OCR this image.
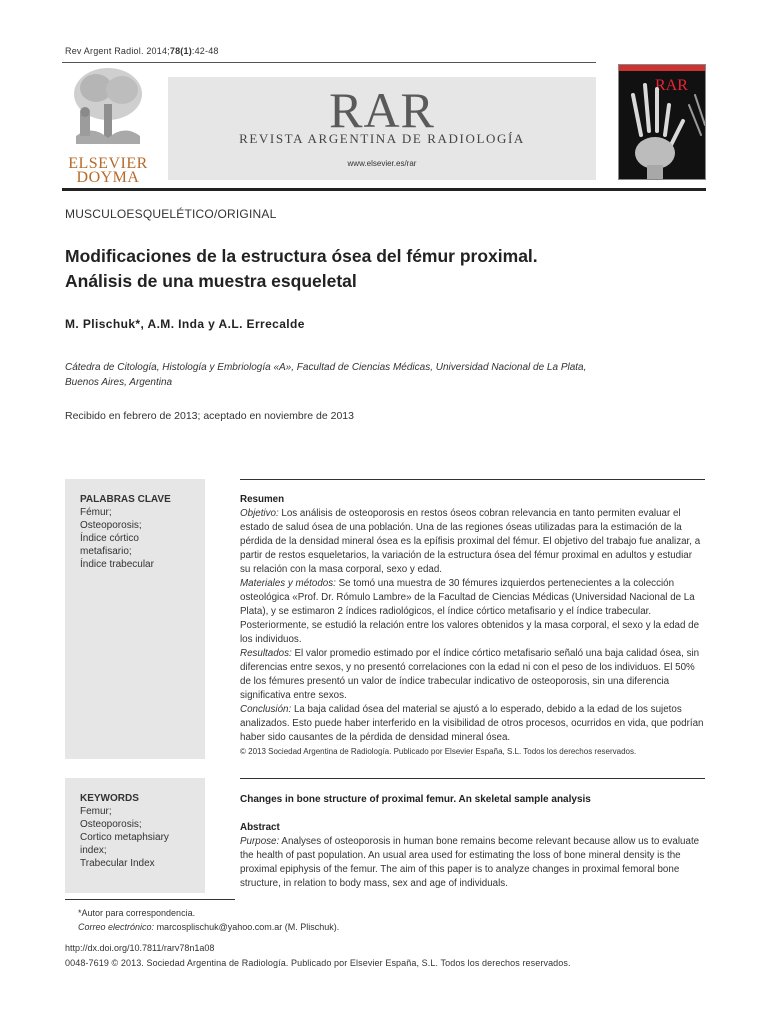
Rev Argent Radiol. 2014;78(1):42-48
ELSEVIER
DOYMA
RAR
REVISTA ARGENTINA DE RADIOLOGÍA
www.elsevier.es/rar
RAR
MUSCULOESQUELÉTICO/ORIGINAL
Modificaciones de la estructura ósea del fémur proximal.
Análisis de una muestra esqueletal
M. Plischuk*, A.M. Inda y A.L. Errecalde
Cátedra de Citología, Histología y Embriología «A», Facultad de Ciencias Médicas, Universidad Nacional de La Plata,
Buenos Aires, Argentina
Recibido en febrero de 2013; aceptado en noviembre de 2013
PALABRAS CLAVE
Fémur;
Osteoporosis;
Índice córtico
metafisario;
Índice trabecular
Resumen

Objetivo: Los análisis de osteoporosis en restos óseos cobran relevancia en tanto permiten evaluar el estado de salud ósea de una población. Una de las regiones óseas utilizadas para la estimación de la pérdida de la densidad mineral ósea es la epífisis proximal del fémur. El objetivo del trabajo fue analizar, a partir de restos esqueletarios, la variación de la estructura ósea del fémur proximal en adultos y estudiar su relación con la masa corporal, sexo y edad.

Materiales y métodos: Se tomó una muestra de 30 fémures izquierdos pertenecientes a la colección osteológica «Prof. Dr. Rómulo Lambre» de la Facultad de Ciencias Médicas (Universidad Nacional de La Plata), y se estimaron 2 índices radiológicos, el índice córtico metafisario y el índice trabecular. Posteriormente, se estudió la relación entre los valores obtenidos y la masa corporal, el sexo y la edad de los individuos.

Resultados: El valor promedio estimado por el índice córtico metafisario señaló una baja calidad ósea, sin diferencias entre sexos, y no presentó correlaciones con la edad ni con el peso de los individuos. El 50% de los fémures presentó un valor de índice trabecular indicativo de osteoporosis, sin una diferencia significativa entre sexos.

Conclusión: La baja calidad ósea del material se ajustó a lo esperado, debido a la edad de los sujetos analizados. Esto puede haber interferido en la visibilidad de otros procesos, ocurridos en vida, que podrían haber sido causantes de la pérdida de densidad mineral ósea.

© 2013 Sociedad Argentina de Radiología. Publicado por Elsevier España, S.L. Todos los derechos reservados.

KEYWORDS
Femur;
Osteoporosis;
Cortico metaphsiary
index;
Trabecular Index
Changes in bone structure of proximal femur. An skeletal sample analysis
Abstract

Purpose: Analyses of osteoporosis in human bone remains become relevant because allow us to evaluate the health of past population. An usual area used for estimating the loss of bone mineral density is the proximal epiphysis of the femur. The aim of this paper is to analyze changes in proximal femoral bone structure, in relation to body mass, sex and age of individuals.

*Autor para correspondencia.
Correo electrónico: marcosplischuk@yahoo.com.ar (M. Plischuk).
http://dx.doi.org/10.7811/rarv78n1a08
0048-7619 © 2013. Sociedad Argentina de Radiología. Publicado por Elsevier España, S.L. Todos los derechos reservados.
